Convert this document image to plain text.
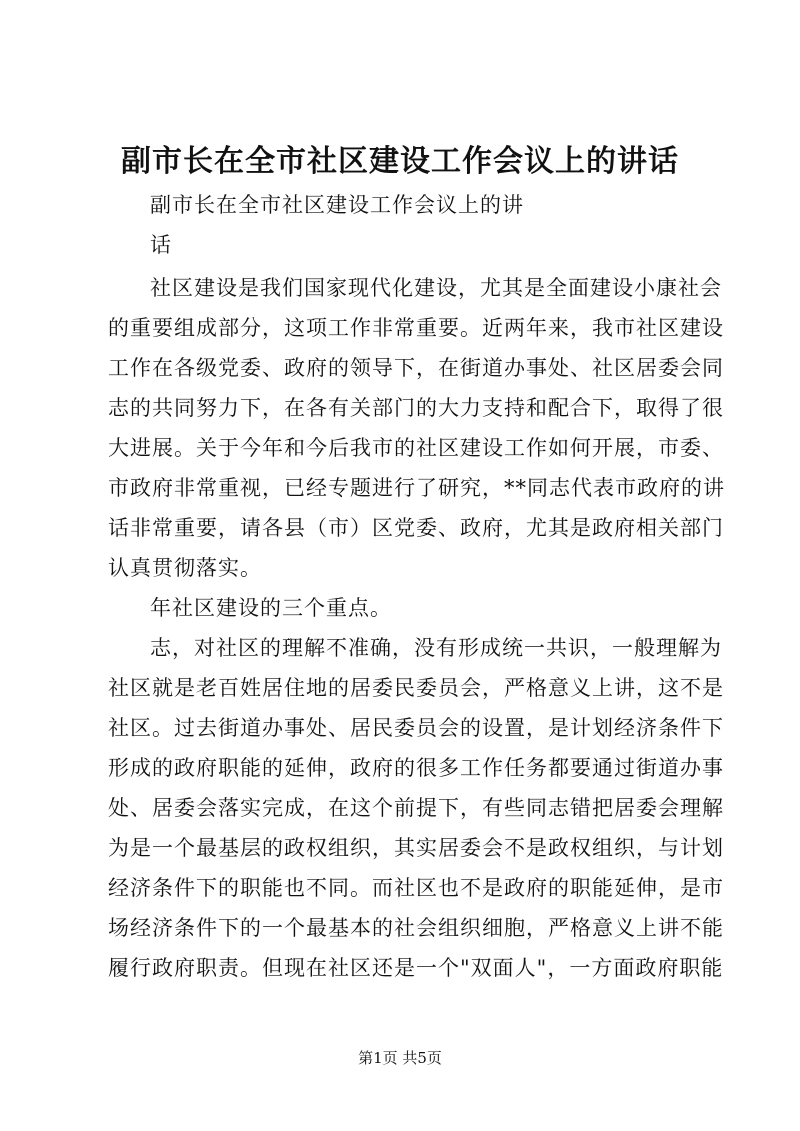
副市长在全市社区建设工作会议上的讲话
副市长在全市社区建设工作会议上的讲
话
社区建设是我们国家现代化建设，尤其是全面建设小康社会
的重要组成部分，这项工作非常重要。近两年来，我市社区建设
工作在各级党委、政府的领导下，在街道办事处、社区居委会同
志的共同努力下，在各有关部门的大力支持和配合下，取得了很
大进展。关于今年和今后我市的社区建设工作如何开展，市委、
市政府非常重视，已经专题进行了研究，**同志代表市政府的讲
话非常重要，请各县（市）区党委、政府，尤其是政府相关部门
认真贯彻落实。
年社区建设的三个重点。
志，对社区的理解不准确，没有形成统一共识，一般理解为
社区就是老百姓居住地的居委民委员会，严格意义上讲，这不是
社区。过去街道办事处、居民委员会的设置，是计划经济条件下
形成的政府职能的延伸，政府的很多工作任务都要通过街道办事
处、居委会落实完成，在这个前提下，有些同志错把居委会理解
为是一个最基层的政权组织，其实居委会不是政权组织，与计划
经济条件下的职能也不同。而社区也不是政府的职能延伸，是市
场经济条件下的一个最基本的社会组织细胞，严格意义上讲不能
履行政府职责。但现在社区还是一个"双面人"，一方面政府职能
第1页 共5页
